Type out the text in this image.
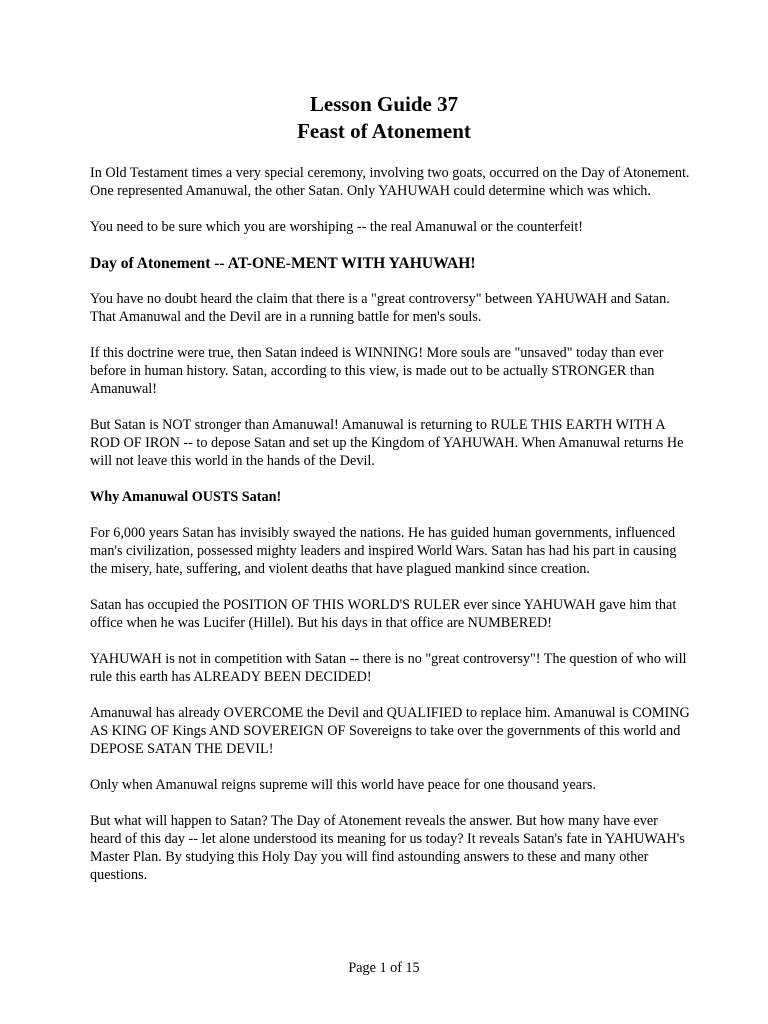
Lesson Guide 37
Feast of Atonement

In Old Testament times a very special ceremony, involving two goats, occurred on the Day of Atonement. One represented Amanuwal, the other Satan. Only YAHUWAH could determine which was which.

You need to be sure which you are worshiping -- the real Amanuwal or the counterfeit!

Day of Atonement -- AT-ONE-MENT WITH YAHUWAH!

You have no doubt heard the claim that there is a "great controversy" between YAHUWAH and Satan. That Amanuwal and the Devil are in a running battle for men's souls.

If this doctrine were true, then Satan indeed is WINNING! More souls are "unsaved" today than ever before in human history. Satan, according to this view, is made out to be actually STRONGER than Amanuwal!

But Satan is NOT stronger than Amanuwal! Amanuwal is returning to RULE THIS EARTH WITH A ROD OF IRON -- to depose Satan and set up the Kingdom of YAHUWAH. When Amanuwal returns He will not leave this world in the hands of the Devil.

Why Amanuwal OUSTS Satan!

For 6,000 years Satan has invisibly swayed the nations. He has guided human governments, influenced man's civilization, possessed mighty leaders and inspired World Wars. Satan has had his part in causing the misery, hate, suffering, and violent deaths that have plagued mankind since creation.

Satan has occupied the POSITION OF THIS WORLD'S RULER ever since YAHUWAH gave him that office when he was Lucifer (Hillel). But his days in that office are NUMBERED!

YAHUWAH is not in competition with Satan -- there is no "great controversy"! The question of who will rule this earth has ALREADY BEEN DECIDED!

Amanuwal has already OVERCOME the Devil and QUALIFIED to replace him. Amanuwal is COMING AS KING OF Kings AND SOVEREIGN OF Sovereigns to take over the governments of this world and DEPOSE SATAN THE DEVIL!

Only when Amanuwal reigns supreme will this world have peace for one thousand years.

But what will happen to Satan? The Day of Atonement reveals the answer. But how many have ever heard of this day -- let alone understood its meaning for us today? It reveals Satan's fate in YAHUWAH's Master Plan. By studying this Holy Day you will find astounding answers to these and many other questions.

Page 1 of 15
